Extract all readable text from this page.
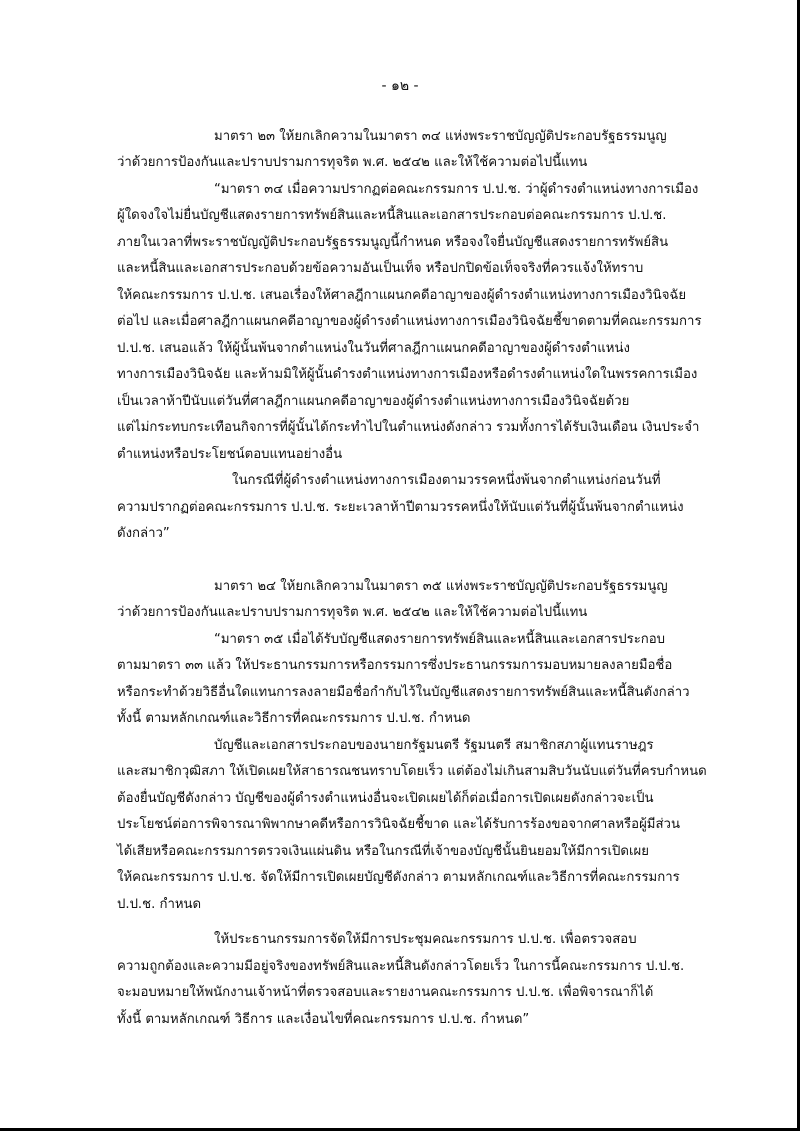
- ๑๒ -
มาตรา ๒๓ ให้ยกเลิกความในมาตรา ๓๔ แห่งพระราชบัญญัติประกอบรัฐธรรมนูญ
ว่าด้วยการป้องกันและปราบปรามการทุจริต พ.ศ. ๒๕๔๒ และให้ใช้ความต่อไปนี้แทน
“มาตรา ๓๔ เมื่อความปรากฏต่อคณะกรรมการ ป.ป.ช. ว่าผู้ดำรงตำแหน่งทางการเมือง
ผู้ใดจงใจไม่ยื่นบัญชีแสดงรายการทรัพย์สินและหนี้สินและเอกสารประกอบต่อคณะกรรมการ ป.ป.ช.
ภายในเวลาที่พระราชบัญญัติประกอบรัฐธรรมนูญนี้กำหนด หรือจงใจยื่นบัญชีแสดงรายการทรัพย์สิน
และหนี้สินและเอกสารประกอบด้วยข้อความอันเป็นเท็จ หรือปกปิดข้อเท็จจริงที่ควรแจ้งให้ทราบ
ให้คณะกรรมการ ป.ป.ช. เสนอเรื่องให้ศาลฎีกาแผนกคดีอาญาของผู้ดำรงตำแหน่งทางการเมืองวินิจฉัย
ต่อไป และเมื่อศาลฎีกาแผนกคดีอาญาของผู้ดำรงตำแหน่งทางการเมืองวินิจฉัยชี้ขาดตามที่คณะกรรมการ
ป.ป.ช. เสนอแล้ว ให้ผู้นั้นพ้นจากตำแหน่งในวันที่ศาลฎีกาแผนกคดีอาญาของผู้ดำรงตำแหน่ง
ทางการเมืองวินิจฉัย และห้ามมิให้ผู้นั้นดำรงตำแหน่งทางการเมืองหรือดำรงตำแหน่งใดในพรรคการเมือง
เป็นเวลาห้าปีนับแต่วันที่ศาลฎีกาแผนกคดีอาญาของผู้ดำรงตำแหน่งทางการเมืองวินิจฉัยด้วย
แต่ไม่กระทบกระเทือนกิจการที่ผู้นั้นได้กระทำไปในตำแหน่งดังกล่าว รวมทั้งการได้รับเงินเดือน เงินประจำ
ตำแหน่งหรือประโยชน์ตอบแทนอย่างอื่น
ในกรณีที่ผู้ดำรงตำแหน่งทางการเมืองตามวรรคหนึ่งพ้นจากตำแหน่งก่อนวันที่
ความปรากฏต่อคณะกรรมการ ป.ป.ช. ระยะเวลาห้าปีตามวรรคหนึ่งให้นับแต่วันที่ผู้นั้นพ้นจากตำแหน่ง
ดังกล่าว”
มาตรา ๒๔ ให้ยกเลิกความในมาตรา ๓๕ แห่งพระราชบัญญัติประกอบรัฐธรรมนูญ
ว่าด้วยการป้องกันและปราบปรามการทุจริต พ.ศ. ๒๕๔๒ และให้ใช้ความต่อไปนี้แทน
“มาตรา ๓๕ เมื่อได้รับบัญชีแสดงรายการทรัพย์สินและหนี้สินและเอกสารประกอบ
ตามมาตรา ๓๓ แล้ว ให้ประธานกรรมการหรือกรรมการซึ่งประธานกรรมการมอบหมายลงลายมือชื่อ
หรือกระทำด้วยวิธีอื่นใดแทนการลงลายมือชื่อกำกับไว้ในบัญชีแสดงรายการทรัพย์สินและหนี้สินดังกล่าว
ทั้งนี้ ตามหลักเกณฑ์และวิธีการที่คณะกรรมการ ป.ป.ช. กำหนด
บัญชีและเอกสารประกอบของนายกรัฐมนตรี รัฐมนตรี สมาชิกสภาผู้แทนราษฎร
และสมาชิกวุฒิสภา ให้เปิดเผยให้สาธารณชนทราบโดยเร็ว แต่ต้องไม่เกินสามสิบวันนับแต่วันที่ครบกำหนด
ต้องยื่นบัญชีดังกล่าว บัญชีของผู้ดำรงตำแหน่งอื่นจะเปิดเผยได้ก็ต่อเมื่อการเปิดเผยดังกล่าวจะเป็น
ประโยชน์ต่อการพิจารณาพิพากษาคดีหรือการวินิจฉัยชี้ขาด และได้รับการร้องขอจากศาลหรือผู้มีส่วน
ได้เสียหรือคณะกรรมการตรวจเงินแผ่นดิน หรือในกรณีที่เจ้าของบัญชีนั้นยินยอมให้มีการเปิดเผย
ให้คณะกรรมการ ป.ป.ช. จัดให้มีการเปิดเผยบัญชีดังกล่าว ตามหลักเกณฑ์และวิธีการที่คณะกรรมการ
ป.ป.ช. กำหนด
ให้ประธานกรรมการจัดให้มีการประชุมคณะกรรมการ ป.ป.ช. เพื่อตรวจสอบ
ความถูกต้องและความมีอยู่จริงของทรัพย์สินและหนี้สินดังกล่าวโดยเร็ว ในการนี้คณะกรรมการ ป.ป.ช.
จะมอบหมายให้พนักงานเจ้าหน้าที่ตรวจสอบและรายงานคณะกรรมการ ป.ป.ช. เพื่อพิจารณาก็ได้
ทั้งนี้ ตามหลักเกณฑ์ วิธีการ และเงื่อนไขที่คณะกรรมการ ป.ป.ช. กำหนด”
